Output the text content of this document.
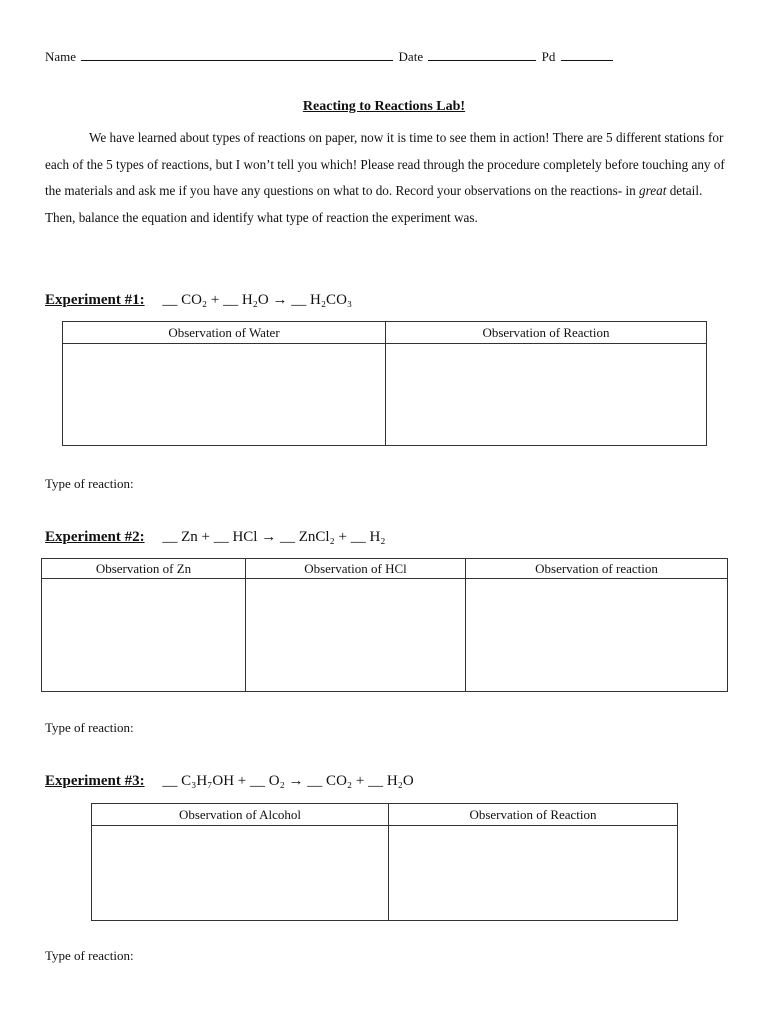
Name	Date	Pd
Reacting to Reactions Lab!

We have learned about types of reactions on paper, now it is time to see them in action! There are 5 different stations for each of the 5 types of reactions, but I won’t tell you which! Please read through the procedure completely before touching any of the materials and ask me if you have any questions on what to do. Record your observations on the reactions- in great detail. Then, balance the equation and identify what type of reaction the experiment was.

Experiment #1: __ CO₂ + __ H₂O → __ H₂CO₃
Observation of Water	Observation of Reaction

Type of reaction:
Experiment #2: __ Zn + __ HCl → __ ZnCl₂ + __ H₂
Observation of Zn	Observation of HCl	Observation of reaction

Type of reaction:
Experiment #3: __ C₃H₇OH + __ O₂ → __ CO₂ + __ H₂O
Observation of Alcohol	Observation of Reaction

Type of reaction:
